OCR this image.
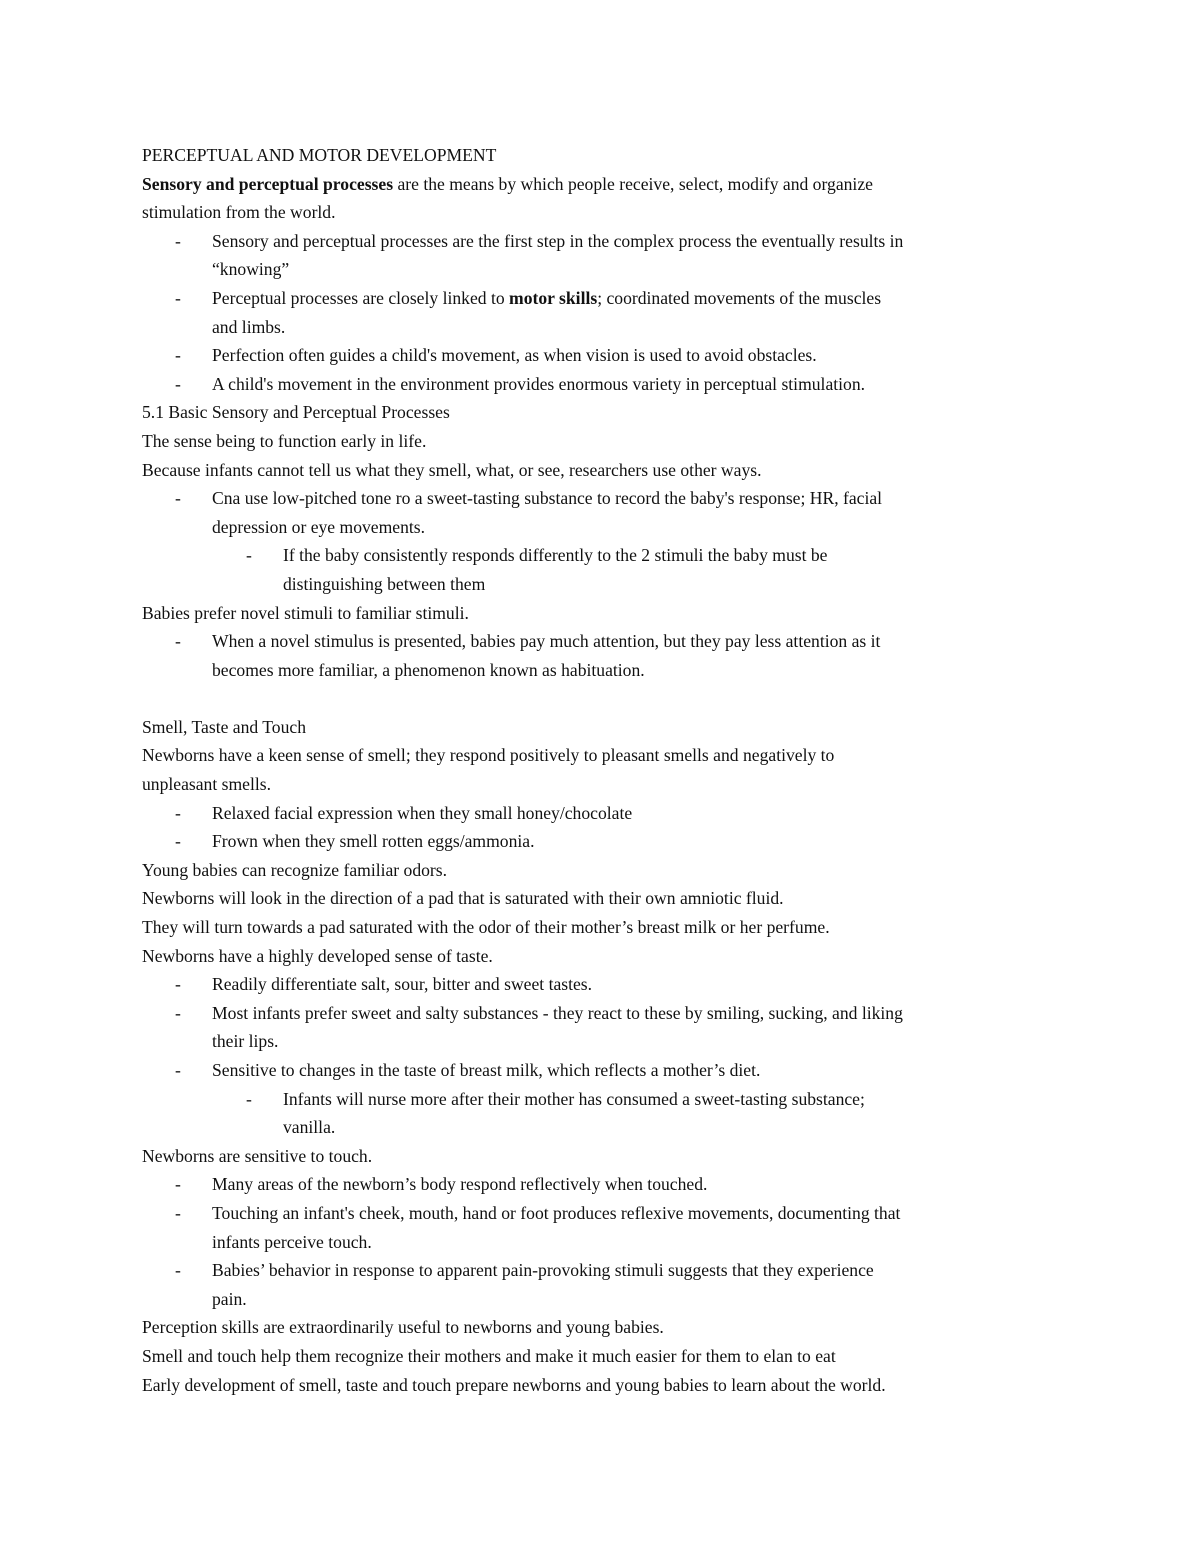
PERCEPTUAL AND MOTOR DEVELOPMENT
Sensory and perceptual processes are the means by which people receive, select, modify and organize
stimulation from the world.
- Sensory and perceptual processes are the first step in the complex process the eventually results in
“knowing”
- Perceptual processes are closely linked to motor skills; coordinated movements of the muscles
and limbs.
- Perfection often guides a child's movement, as when vision is used to avoid obstacles.
- A child's movement in the environment provides enormous variety in perceptual stimulation.
5.1 Basic Sensory and Perceptual Processes
The sense being to function early in life.
Because infants cannot tell us what they smell, what, or see, researchers use other ways.
- Cna use low-pitched tone ro a sweet-tasting substance to record the baby's response; HR, facial
depression or eye movements.
- If the baby consistently responds differently to the 2 stimuli the baby must be
distinguishing between them
Babies prefer novel stimuli to familiar stimuli.
- When a novel stimulus is presented, babies pay much attention, but they pay less attention as it
becomes more familiar, a phenomenon known as habituation.
Smell, Taste and Touch
Newborns have a keen sense of smell; they respond positively to pleasant smells and negatively to
unpleasant smells.
- Relaxed facial expression when they small honey/chocolate
- Frown when they smell rotten eggs/ammonia.
Young babies can recognize familiar odors.
Newborns will look in the direction of a pad that is saturated with their own amniotic fluid.
They will turn towards a pad saturated with the odor of their mother’s breast milk or her perfume.
Newborns have a highly developed sense of taste.
- Readily differentiate salt, sour, bitter and sweet tastes.
- Most infants prefer sweet and salty substances - they react to these by smiling, sucking, and liking
their lips.
- Sensitive to changes in the taste of breast milk, which reflects a mother’s diet.
- Infants will nurse more after their mother has consumed a sweet-tasting substance;
vanilla.
Newborns are sensitive to touch.
- Many areas of the newborn’s body respond reflectively when touched.
- Touching an infant's cheek, mouth, hand or foot produces reflexive movements, documenting that
infants perceive touch.
- Babies’ behavior in response to apparent pain-provoking stimuli suggests that they experience
pain.
Perception skills are extraordinarily useful to newborns and young babies.
Smell and touch help them recognize their mothers and make it much easier for them to elan to eat
Early development of smell, taste and touch prepare newborns and young babies to learn about the world.
